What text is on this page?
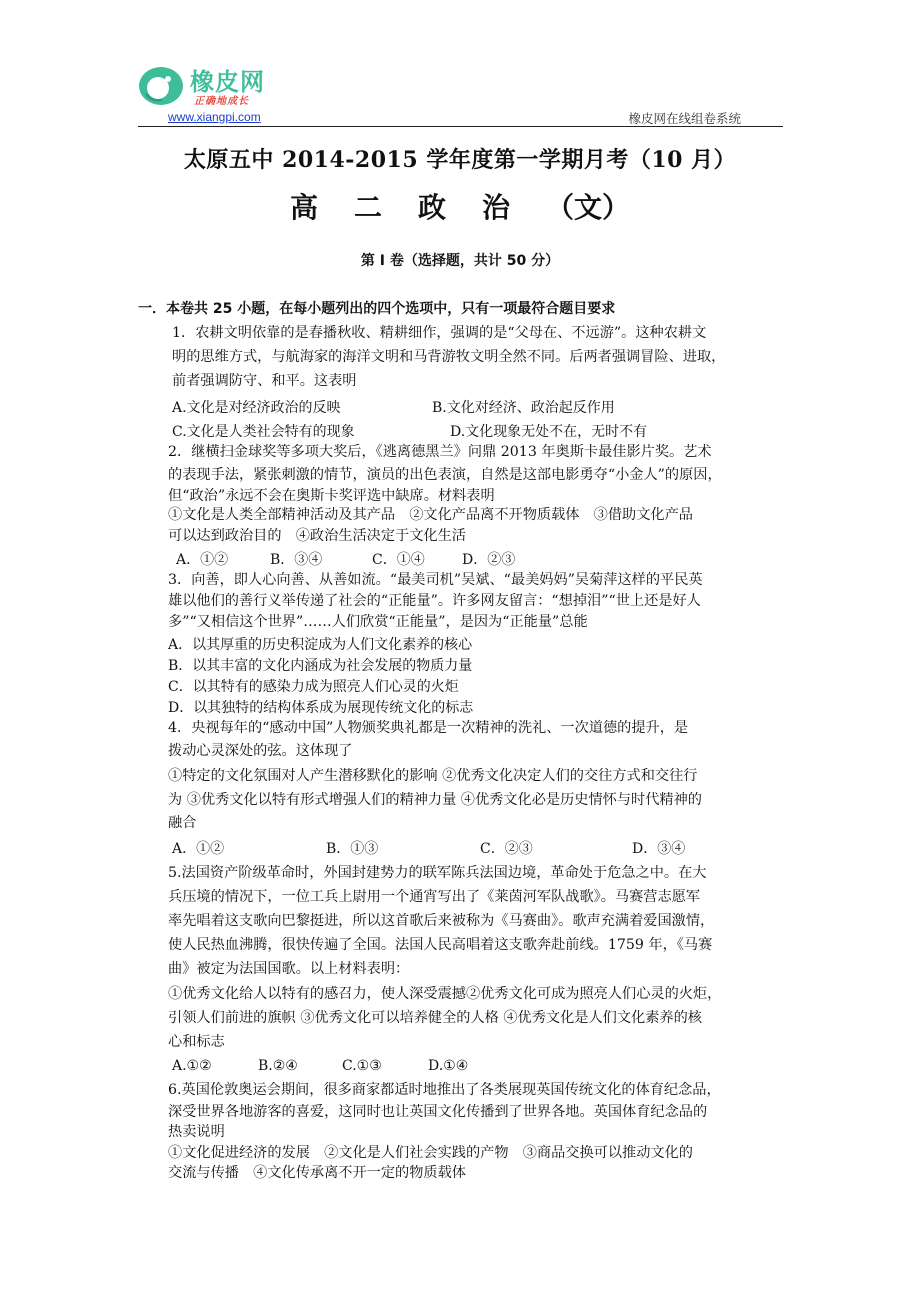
橡皮网
正确地成长
www.xiangpi.com	橡皮网在线组卷系统
太原五中 2014-2015 学年度第一学期月考（10 月）
高 二 政 治 （文）
第 I 卷（选择题，共计 50 分）
一．本卷共 25 小题，在每小题列出的四个选项中，只有一项最符合题目要求
1．农耕文明依靠的是春播秋收、精耕细作，强调的是“父母在、不远游”。这种农耕文
明的思维方式，与航海家的海洋文明和马背游牧文明全然不同。后两者强调冒险、进取，
前者强调防守、和平。这表明
A.文化是对经济政治的反映	B.文化对经济、政治起反作用
C.文化是人类社会特有的现象	D.文化现象无处不在，无时不有
2．继横扫金球奖等多项大奖后，《逃离德黑兰》问鼎 2013 年奥斯卡最佳影片奖。艺术
的表现手法，紧张刺激的情节，演员的出色表演，自然是这部电影勇夺“小金人”的原因，
但“政治”永远不会在奥斯卡奖评选中缺席。材料表明
①文化是人类全部精神活动及其产品　②文化产品离不开物质载体　③借助文化产品
可以达到政治目的　④政治生活决定于文化生活
A．①②	B．③④	C．①④	D．②③
3．向善，即人心向善、从善如流。“最美司机”吴斌、“最美妈妈”吴菊萍这样的平民英
雄以他们的善行义举传递了社会的“正能量”。许多网友留言：“想掉泪”“世上还是好人
多”“又相信这个世界”……人们欣赏“正能量”，是因为“正能量”总能
A．以其厚重的历史积淀成为人们文化素养的核心
B．以其丰富的文化内涵成为社会发展的物质力量
C．以其特有的感染力成为照亮人们心灵的火炬
D．以其独特的结构体系成为展现传统文化的标志
4．央视每年的“感动中国”人物颁奖典礼都是一次精神的洗礼、一次道德的提升，是
拨动心灵深处的弦。这体现了
①特定的文化氛围对人产生潜移默化的影响 ②优秀文化决定人们的交往方式和交往行
为 ③优秀文化以特有形式增强人们的精神力量 ④优秀文化必是历史情怀与时代精神的
融合
A．①②	B．①③	C．②③	D．③④
5.法国资产阶级革命时，外国封建势力的联军陈兵法国边境，革命处于危急之中。在大
兵压境的情况下，一位工兵上尉用一个通宵写出了《莱茵河军队战歌》。马赛营志愿军
率先唱着这支歌向巴黎挺进，所以这首歌后来被称为《马赛曲》。歌声充满着爱国激情，
使人民热血沸腾，很快传遍了全国。法国人民高唱着这支歌奔赴前线。1759 年，《马赛
曲》被定为法国国歌。以上材料表明：
①优秀文化给人以特有的感召力，使人深受震撼②优秀文化可成为照亮人们心灵的火炬，
引领人们前进的旗帜 ③优秀文化可以培养健全的人格 ④优秀文化是人们文化素养的核
心和标志
A.①②	B.②④	C.①③	D.①④
6.英国伦敦奥运会期间，很多商家都适时地推出了各类展现英国传统文化的体育纪念品，
深受世界各地游客的喜爱，这同时也让英国文化传播到了世界各地。英国体育纪念品的
热卖说明
①文化促进经济的发展　②文化是人们社会实践的产物　③商品交换可以推动文化的
交流与传播　④文化传承离不开一定的物质载体
